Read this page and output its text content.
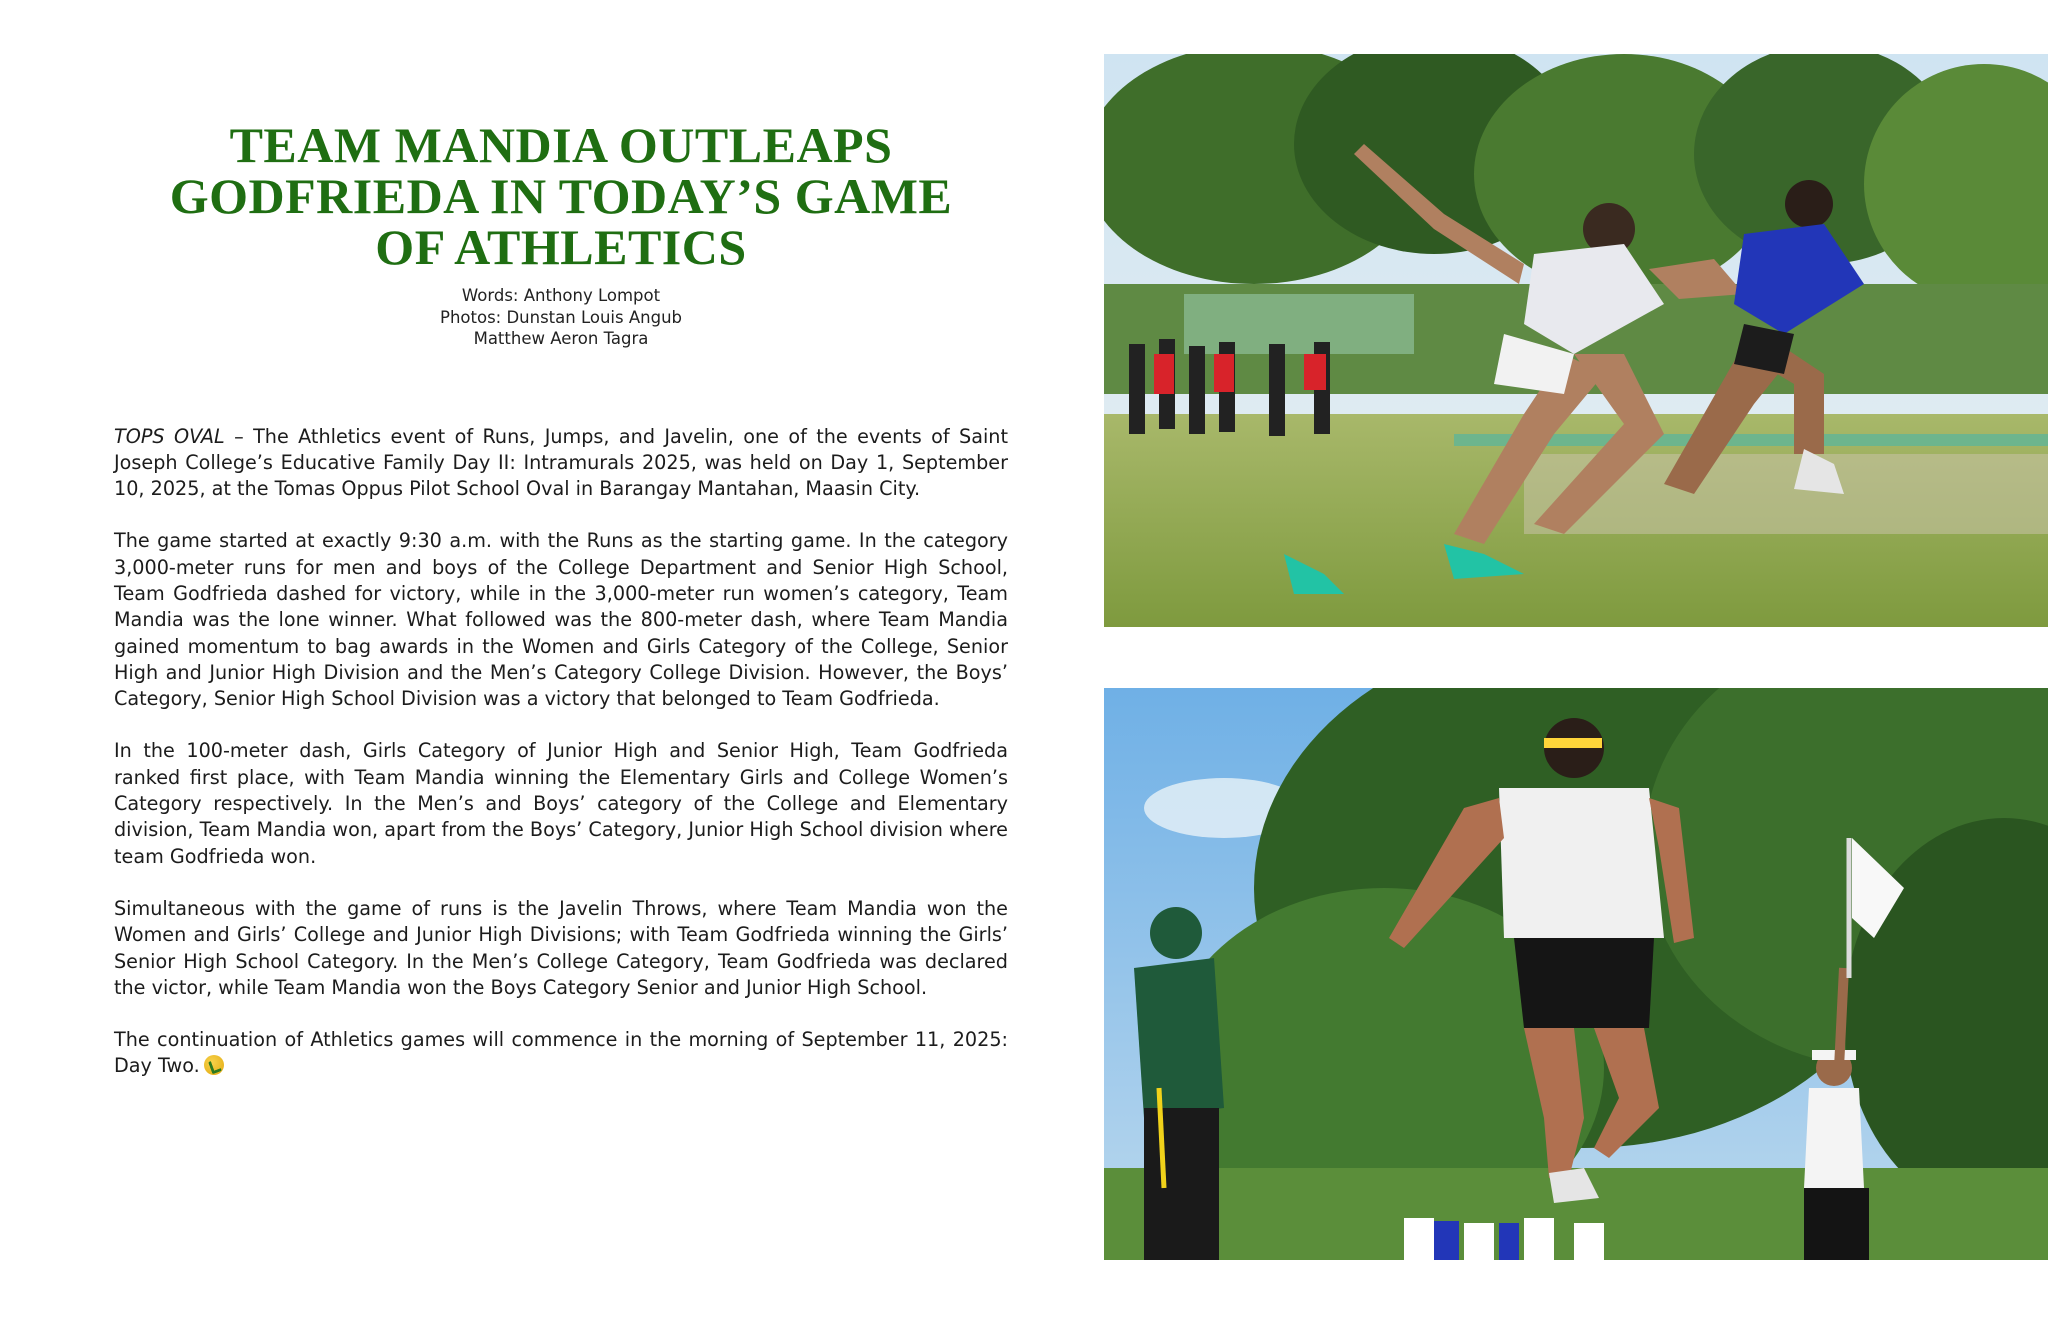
TEAM MANDIA OUTLEAPS
GODFRIEDA IN TODAY’S GAME
OF ATHLETICS
Words: Anthony Lompot
Photos: Dunstan Louis Angub
Matthew Aeron Tagra

TOPS OVAL – The Athletics event of Runs, Jumps, and Javelin, one of the events of Saint Joseph College’s Educative Family Day II: Intramurals 2025, was held on Day 1, September 10, 2025, at the Tomas Oppus Pilot School Oval in Barangay Mantahan, Maasin City.

The game started at exactly 9:30 a.m. with the Runs as the starting game. In the category 3,000-meter runs for men and boys of the College Department and Senior High School, Team Godfrieda dashed for victory, while in the 3,000-meter run women’s category, Team Mandia was the lone winner. What followed was the 800-meter dash, where Team Mandia gained momentum to bag awards in the Women and Girls Category of the College, Senior High and Junior High Division and the Men’s Category College Division. However, the Boys’ Category, Senior High School Division was a victory that belonged to Team Godfrieda.

In the 100-meter dash, Girls Category of Junior High and Senior High, Team Godfrieda ranked first place, with Team Mandia winning the Elementary Girls and College Women’s Category respectively. In the Men’s and Boys’ category of the College and Elementary division, Team Mandia won, apart from the Boys’ Category, Junior High School division where team Godfrieda won.

Simultaneous with the game of runs is the Javelin Throws, where Team Mandia won the Women and Girls’ College and Junior High Divisions; with Team Godfrieda winning the Girls’ Senior High School Category. In the Men’s College Category, Team Godfrieda was declared the victor, while Team Mandia won the Boys Category Senior and Junior High School.

The continuation of Athletics games will commence in the morning of September 11, 2025: Day Two.
